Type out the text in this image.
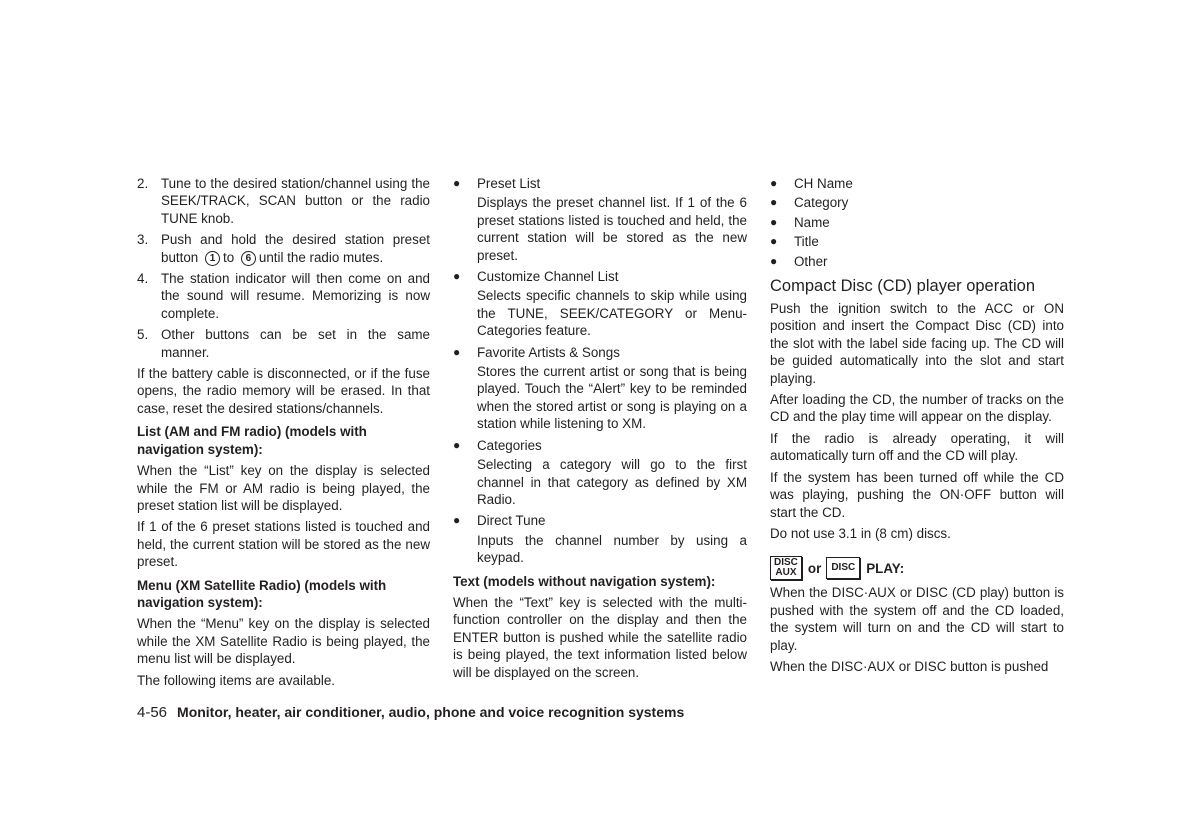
2. Tune to the desired station/channel using the SEEK/TRACK, SCAN button or the radio TUNE knob.
3. Push and hold the desired station preset button 1 to 6 until the radio mutes.
4. The station indicator will then come on and the sound will resume. Memorizing is now complete.
5. Other buttons can be set in the same manner.

If the battery cable is disconnected, or if the fuse opens, the radio memory will be erased. In that case, reset the desired stations/channels.

List (AM and FM radio) (models with navigation system):

When the “List” key on the display is selected while the FM or AM radio is being played, the preset station list will be displayed.

If 1 of the 6 preset stations listed is touched and held, the current station will be stored as the new preset.

Menu (XM Satellite Radio) (models with navigation system):

When the “Menu” key on the display is selected while the XM Satellite Radio is being played, the menu list will be displayed.

The following items are available.

●	Preset List
Displays the preset channel list. If 1 of the 6 preset stations listed is touched and held, the current station will be stored as the new preset.
●	Customize Channel List
Selects specific channels to skip while using the TUNE, SEEK/CATEGORY or Menu-Categories feature.
●	Favorite Artists & Songs
Stores the current artist or song that is being played. Touch the “Alert” key to be reminded when the stored artist or song is playing on a station while listening to XM.
●	Categories
Selecting a category will go to the first channel in that category as defined by XM Radio.
●	Direct Tune
Inputs the channel number by using a keypad.
Text (models without navigation system):

When the “Text” key is selected with the multi-function controller on the display and then the ENTER button is pushed while the satellite radio is being played, the text information listed below will be displayed on the screen.

●	CH Name
●	Category
●	Name
●	Title
●	Other
Compact Disc (CD) player operation

Push the ignition switch to the ACC or ON position and insert the Compact Disc (CD) into the slot with the label side facing up. The CD will be guided automatically into the slot and start playing.

After loading the CD, the number of tracks on the CD and the play time will appear on the display.

If the radio is already operating, it will automatically turn off and the CD will play.

If the system has been turned off while the CD was playing, pushing the ON·OFF button will start the CD.

Do not use 3.1 in (8 cm) discs.

DISC
AUX or	DISC PLAY:

When the DISC·AUX or DISC (CD play) button is pushed with the system off and the CD loaded, the system will turn on and the CD will start to play.

When the DISC·AUX or DISC button is pushed

4-56 Monitor, heater, air conditioner, audio, phone and voice recognition systems
